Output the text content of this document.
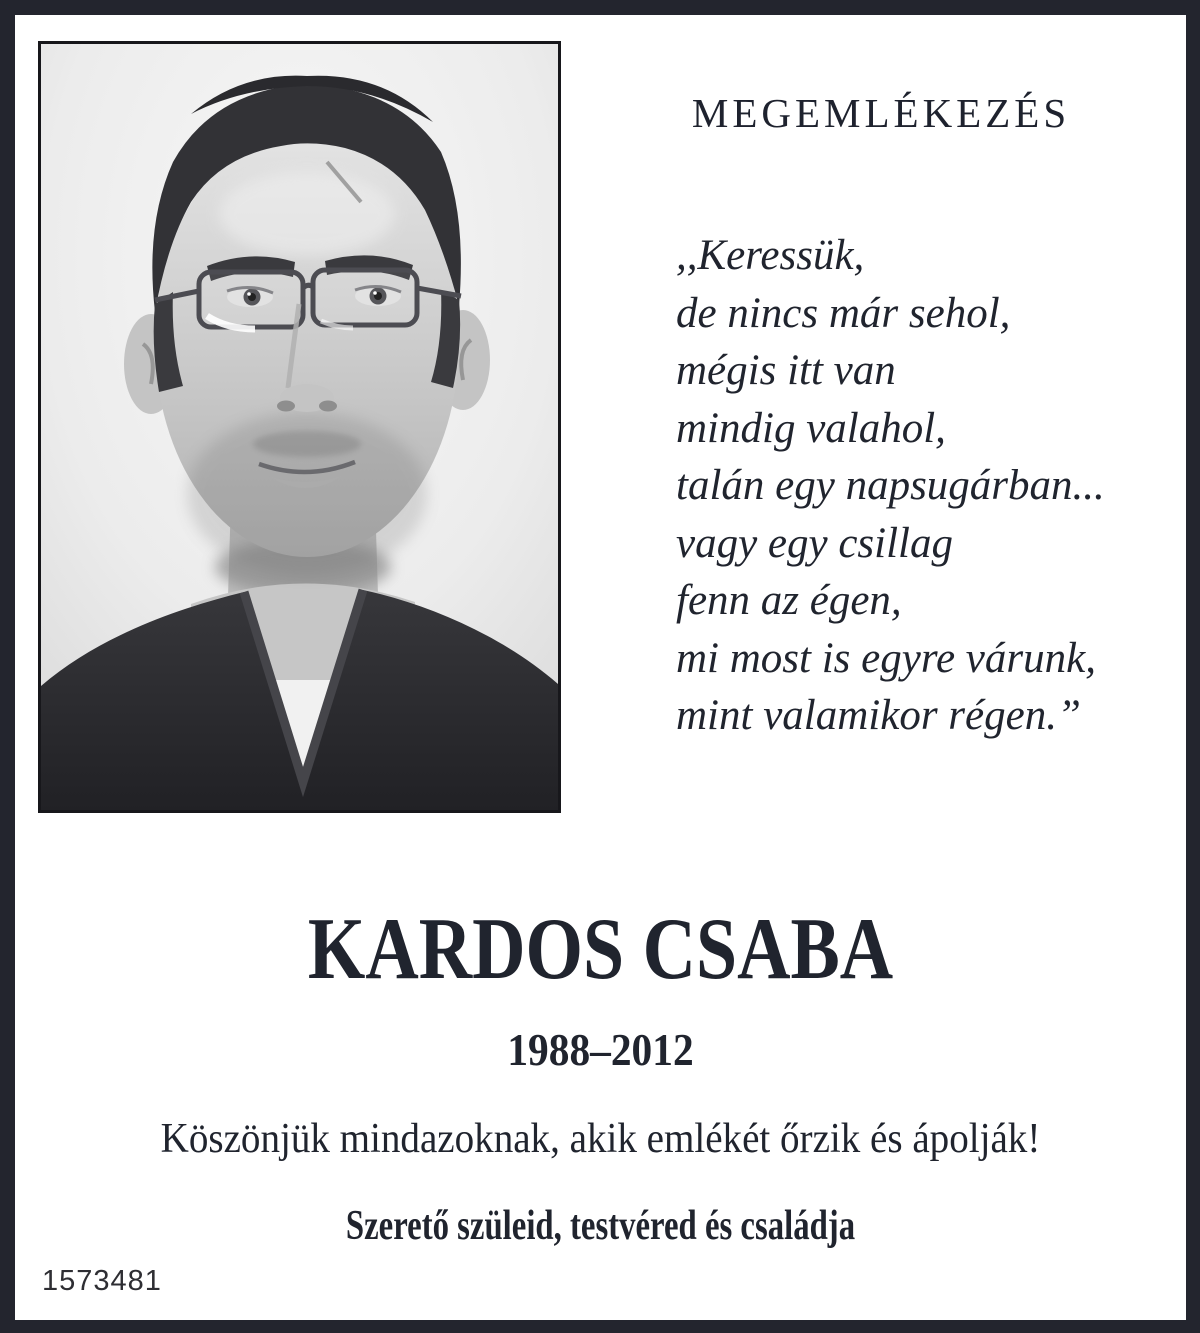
MEGEMLÉKEZÉS
,,Keressük,
de nincs már sehol,
mégis itt van
mindig valahol,
talán egy napsugárban...
vagy egy csillag
fenn az égen,
mi most is egyre várunk,
mint valamikor régen.”
KARDOS CSABA
1988–2012
Köszönjük mindazoknak, akik emlékét őrzik és ápolják!
Szerető szüleid, testvéred és családja
1573481
